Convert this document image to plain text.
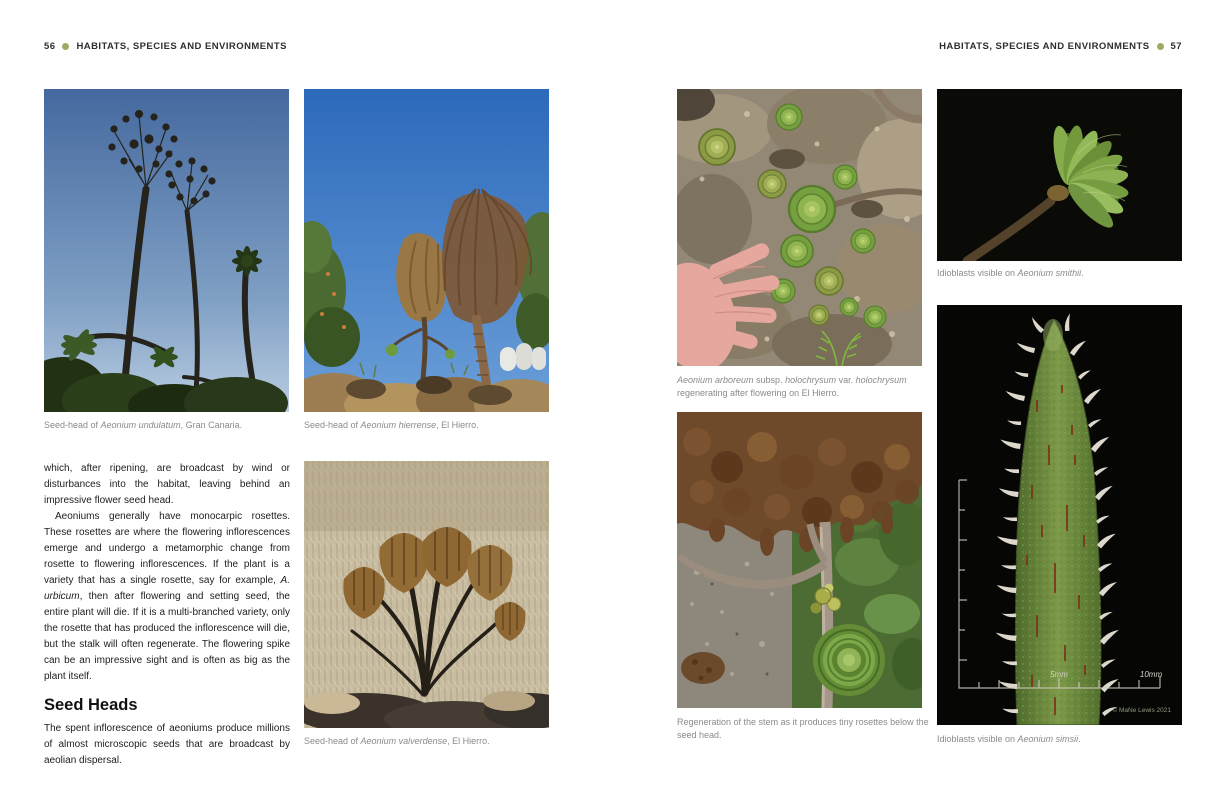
56 HABITATS, SPECIES AND ENVIRONMENTS
Seed-head of Aeonium undulatum, Gran Canaria.	Seed-head of Aeonium hierrense, El Hierro.

which, after ripening, are broadcast by wind or disturbances into the habitat, leaving behind an impressive flower seed head.

Aeoniums generally have monocarpic rosettes. These rosettes are where the flowering inflorescences emerge and undergo a metamorphic change from rosette to flowering inflorescences. If the plant is a variety that has a single rosette, say for example, A. urbicum, then after flowering and setting seed, the entire plant will die. If it is a multi-branched variety, only the rosette that has produced the inflorescence will die, but the stalk will often regenerate. The flowering spike can be an impressive sight and is often as big as the plant itself.

Seed Heads

The spent inflorescence of aeoniums produce millions of almost microscopic seeds that are broadcast by aeolian dispersal.

Seed-head of Aeonium valverdense, El Hierro.
HABITATS, SPECIES AND ENVIRONMENTS 57
Aeonium arboreum subsp. holochrysum var. holochrysum regenerating after flowering on El Hierro.
Idioblasts visible on Aeonium smithii.
Regeneration of the stem as it produces tiny rosettes below the seed head.
5mm	10mm
© MaNe Lewis 2021
Idioblasts visible on Aeonium simsii.
